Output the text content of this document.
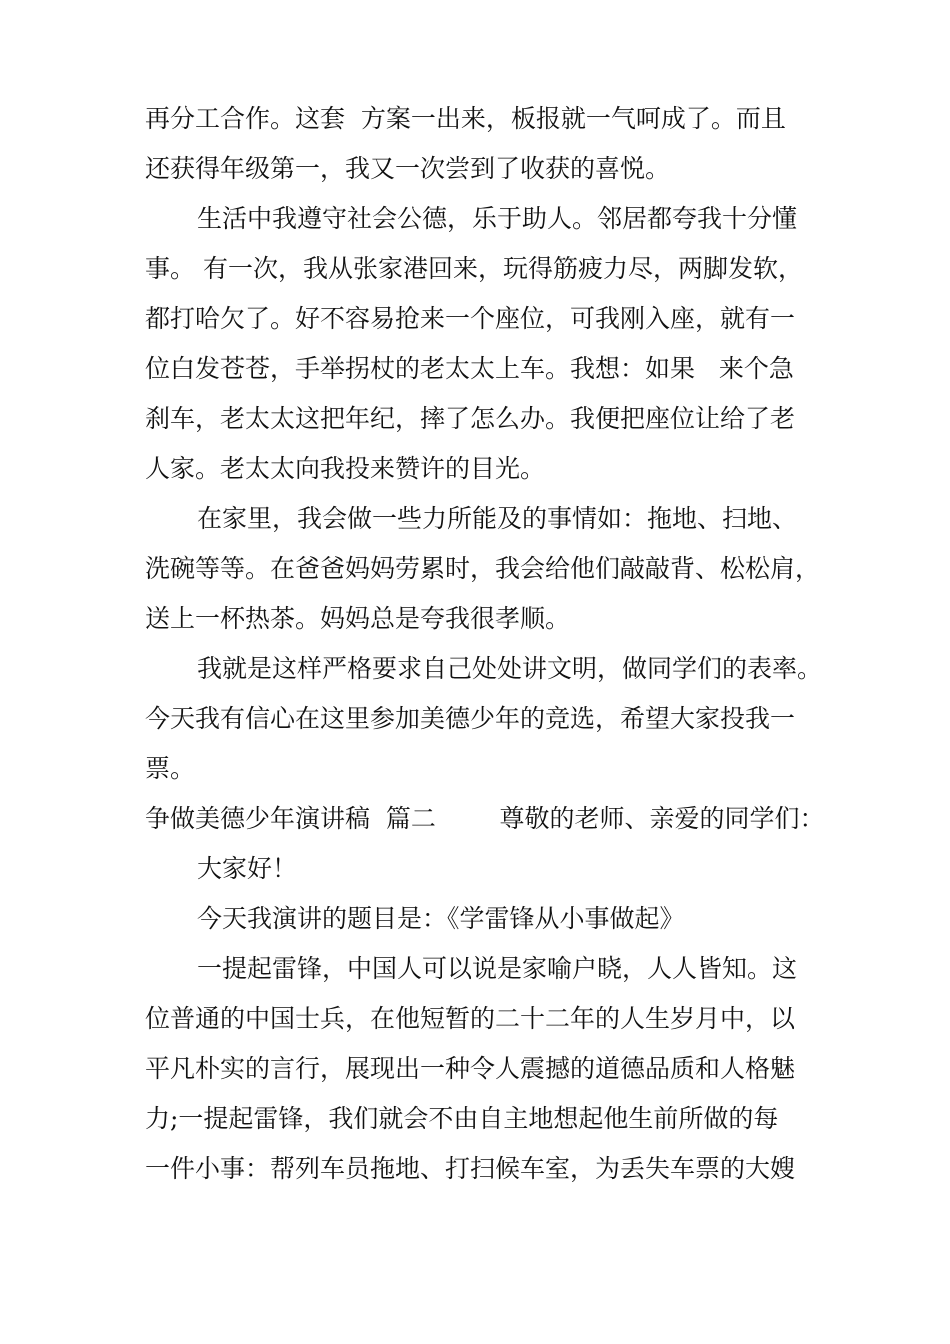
再分工合作。这套  方案一出来，板报就一气呵成了。而且

还获得年级第一，我又一次尝到了收获的喜悦。

生活中我遵守社会公德，乐于助人。邻居都夸我十分懂

事。 有一次，我从张家港回来，玩得筋疲力尽，两脚发软，

都打哈欠了。好不容易抢来一个座位，可我刚入座，就有一

位白发苍苍，手举拐杖的老太太上车。我想：如果   来个急

刹车，老太太这把年纪，摔了怎么办。我便把座位让给了老

人家。老太太向我投来赞许的目光。

在家里，我会做一些力所能及的事情如：拖地、扫地、

洗碗等等。在爸爸妈妈劳累时，我会给他们敲敲背、松松肩，

送上一杯热茶。妈妈总是夸我很孝顺。

我就是这样严格要求自己处处讲文明，做同学们的表率。

今天我有信心在这里参加美德少年的竞选，希望大家投我一

票。

争做美德少年演讲稿  篇二        尊敬的老师、亲爱的同学们：

大家好！

今天我演讲的题目是：《学雷锋从小事做起》

一提起雷锋，中国人可以说是家喻户晓，人人皆知。这

位普通的中国士兵，在他短暂的二十二年的人生岁月中，以

平凡朴实的言行，展现出一种令人震撼的道德品质和人格魅

力;一提起雷锋，我们就会不由自主地想起他生前所做的每

一件小事：帮列车员拖地、打扫候车室，为丢失车票的大嫂
